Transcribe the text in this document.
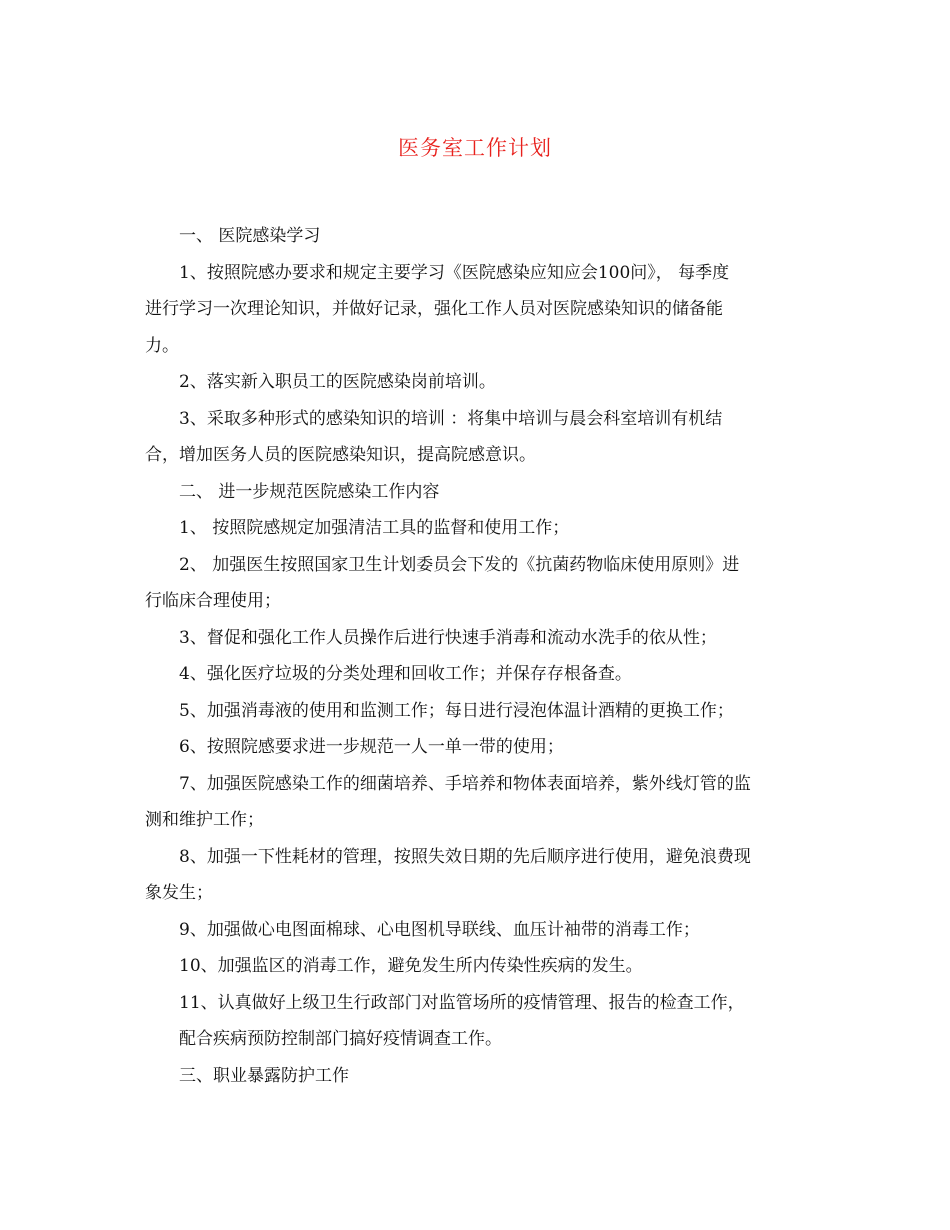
医务室工作计划

一、 医院感染学习

1、按照院感办要求和规定主要学习《医院感染应知应会100问》， 每季度

进行学习一次理论知识，并做好记录，强化工作人员对医院感染知识的储备能

力。

2、落实新入职员工的医院感染岗前培训。

3、采取多种形式的感染知识的培训 ：将集中培训与晨会科室培训有机结

合，增加医务人员的医院感染知识，提高院感意识。

二、 进一步规范医院感染工作内容

1、 按照院感规定加强清洁工具的监督和使用工作；

2、 加强医生按照国家卫生计划委员会下发的《抗菌药物临床使用原则》进

行临床合理使用；

3、督促和强化工作人员操作后进行快速手消毒和流动水洗手的依从性；

4、强化医疗垃圾的分类处理和回收工作；并保存存根备查。

5、加强消毒液的使用和监测工作；每日进行浸泡体温计酒精的更换工作；

6、按照院感要求进一步规范一人一单一带的使用；

7、加强医院感染工作的细菌培养、手培养和物体表面培养，紫外线灯管的监

测和维护工作；

8、加强一下性耗材的管理，按照失效日期的先后顺序进行使用，避免浪费现

象发生；

9、加强做心电图面棉球、心电图机导联线、血压计袖带的消毒工作；

10、加强监区的消毒工作，避免发生所内传染性疾病的发生。

11、认真做好上级卫生行政部门对监管场所的疫情管理、报告的检查工作，

配合疾病预防控制部门搞好疫情调查工作。

三、职业暴露防护工作
